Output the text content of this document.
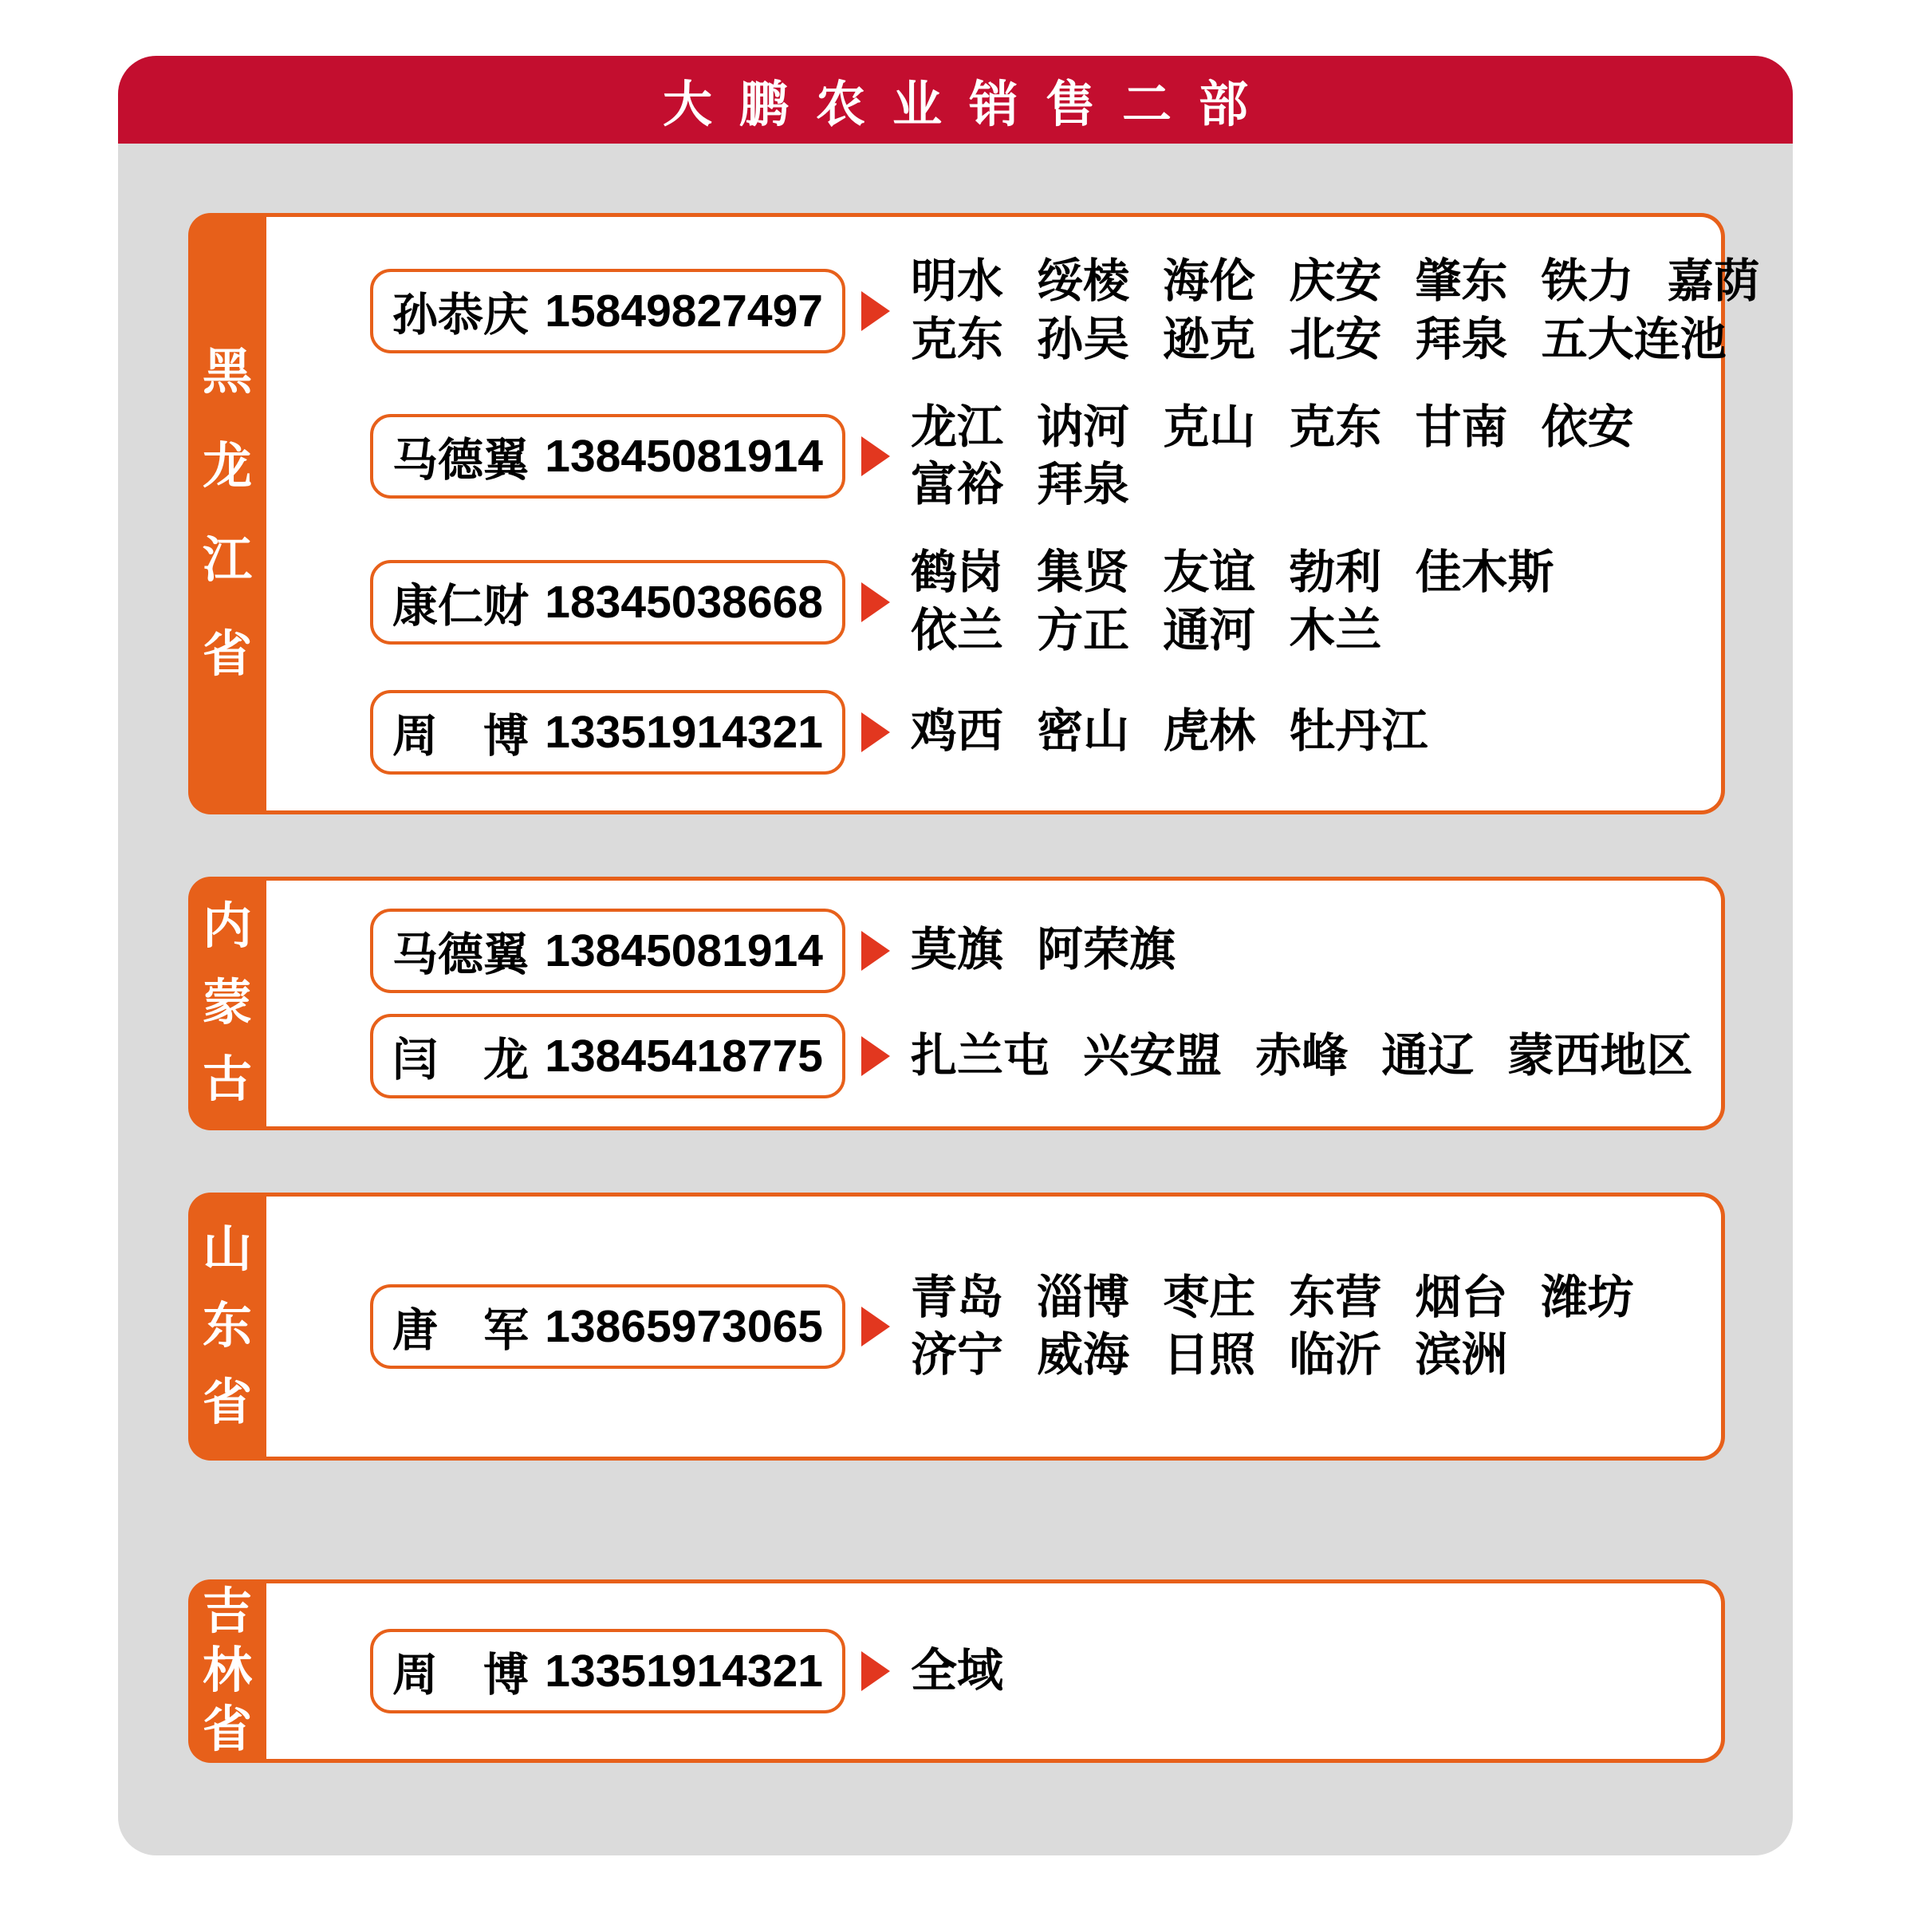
大鹏农业销售二部
黑
龙
江
省
孙恭庆 15849827497
明水 绥棱 海伦 庆安 肇东 铁力 嘉荫
克东 孙吴 逊克 北安 拜泉 五大连池
马德翼 13845081914
龙江 讷河 克山 克东 甘南 依安
富裕 拜泉
康仁财 18345038668
鹤岗 集贤 友谊 勃利 佳木斯
依兰 方正 通河 木兰
周　博 13351914321 鸡西 密山 虎林 牡丹江
内
蒙
古
马德翼 13845081914 莫旗 阿荣旗
闫　龙 13845418775 扎兰屯 兴安盟 赤峰 通辽 蒙西地区
山
东
省
唐　军 13865973065
青岛 淄博 枣庄 东营 烟台 潍坊
济宁 威海 日照 临沂 滨洲
吉
林
省
周　博 13351914321 全域
